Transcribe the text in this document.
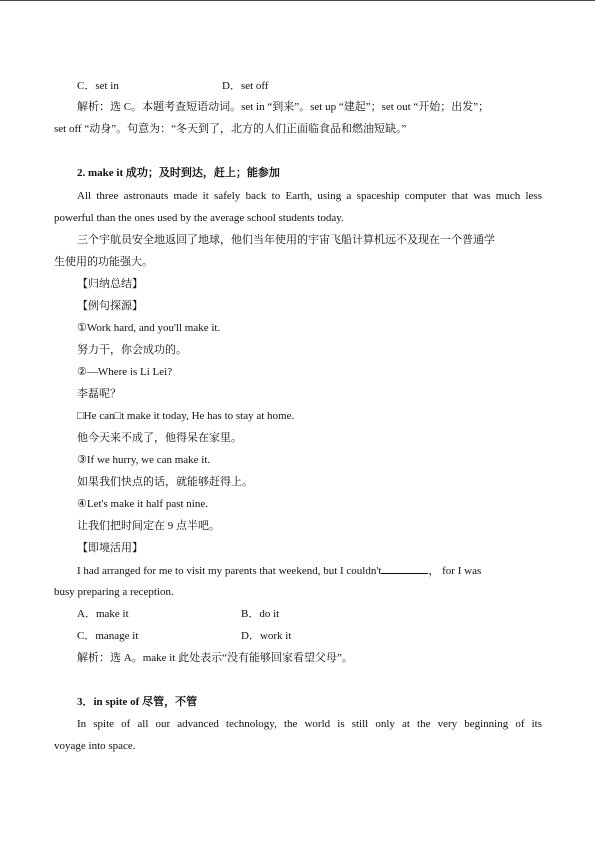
C．set in	D．set off
解析：选 C。本题考查短语动词。set in “到来”。set up “建起”；set out “开始；出发”；
set off “动身”。句意为：“冬天到了，北方的人们正面临食品和燃油短缺。”
2. make it 成功；及时到达，赶上；能参加
All three astronauts made it safely back to Earth, using a spaceship computer that was much less
powerful than the ones used by the average school students today.
三个宇航员安全地返回了地球，他们当年使用的宇宙飞船计算机远不及现在一个普通学
生使用的功能强大。
【归纳总结】
【例句探源】
①Work hard, and you'll make it.
努力干，你会成功的。
②—Where is Li Lei?
李磊呢？
□He can□t make it today, He has to stay at home.
他今天来不成了，他得呆在家里。
③If we hurry, we can make it.
如果我们快点的话，就能够赶得上。
④Let's make it half past nine.
让我们把时间定在 9 点半吧。
【即境活用】
I had arranged for me to visit my parents that weekend, but I couldn't	， for I was
busy preparing a reception.
A．make it	B．do it
C．manage it	D．work it
解析：选 A。make it 此处表示“没有能够回家看望父母”。
3．in spite of 尽管，不管
In spite of all our advanced technology, the world is still only at the very beginning of its
voyage into space.
